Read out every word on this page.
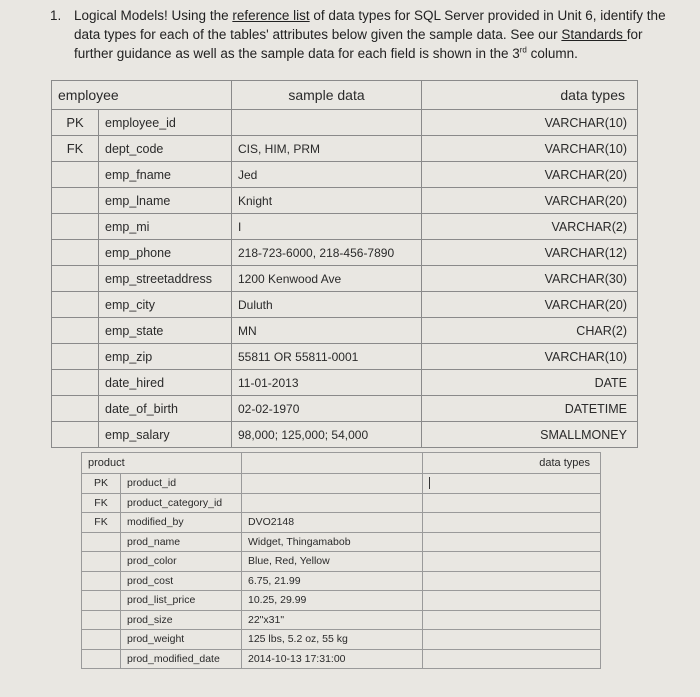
1. Logical Models! Using the reference list of data types for SQL Server provided in Unit 6, identify the data types for each of the tables' attributes below given the sample data. See our Standards for further guidance as well as the sample data for each field is shown in the 3rd column.
employee		sample data	data types
PK	employee_id		VARCHAR(10)
FK	dept_code	CIS, HIM, PRM	VARCHAR(10)
	emp_fname	Jed	VARCHAR(20)
	emp_lname	Knight	VARCHAR(20)
	emp_mi	I	VARCHAR(2)
	emp_phone	218-723-6000, 218-456-7890	VARCHAR(12)
	emp_streetaddress	1200 Kenwood Ave	VARCHAR(30)
	emp_city	Duluth	VARCHAR(20)
	emp_state	MN	CHAR(2)
	emp_zip	55811 OR 55811-0001	VARCHAR(10)
	date_hired	11-01-2013	DATE
	date_of_birth	02-02-1970	DATETIME
	emp_salary	98,000; 125,000; 54,000	SMALLMONEY
product			data types
PK	product_id		
FK	product_category_id		
FK	modified_by	DVO2148	
	prod_name	Widget, Thingamabob	
	prod_color	Blue, Red, Yellow	
	prod_cost	6.75, 21.99	
	prod_list_price	10.25, 29.99	
	prod_size	22"x31"	
	prod_weight	125 lbs, 5.2 oz, 55 kg	
	prod_modified_date	2014-10-13 17:31:00	
